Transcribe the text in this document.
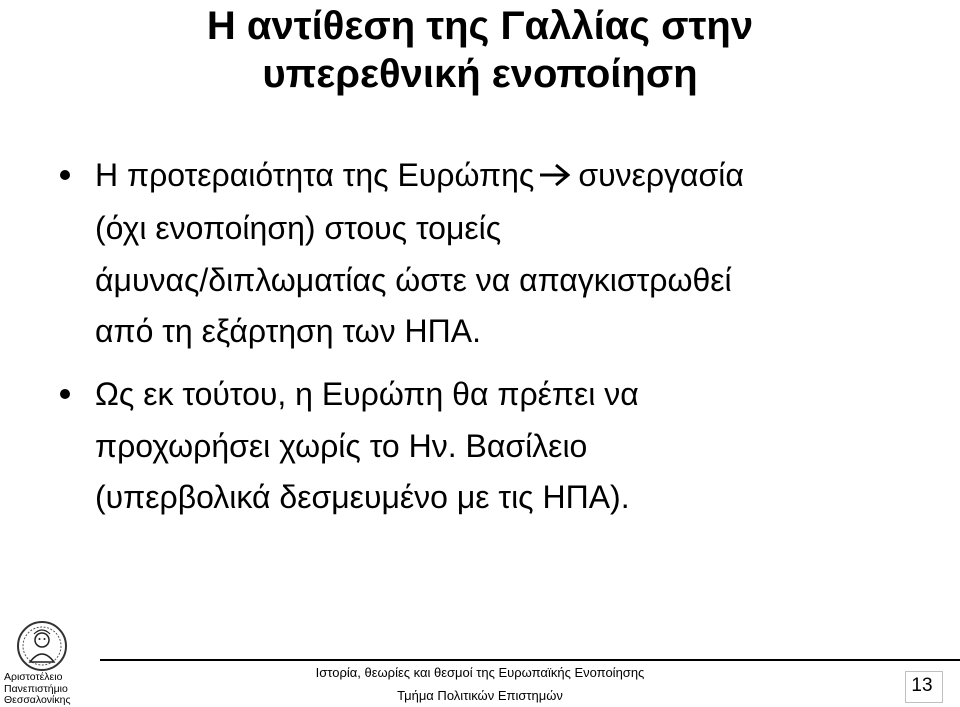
Η αντίθεση της Γαλλίας στην
υπερεθνική ενοποίηση
Η προτεραιότητα της Ευρώπης συνεργασία
(όχι ενοποίηση) στους τομείς
άμυνας/διπλωματίας ώστε να απαγκιστρωθεί
από τη εξάρτηση των ΗΠΑ.
Ως εκ τούτου, η Ευρώπη θα πρέπει να
προχωρήσει χωρίς το Ην. Βασίλειο
(υπερβολικά δεσμευμένο με τις ΗΠΑ).
Αριστοτέλειο
Πανεπιστήμιο
Θεσσαλονίκης
Ιστορία, θεωρίες και θεσμοί της Ευρωπαϊκής Ενοποίησης
Τμήμα Πολιτικών Επιστημών	13
